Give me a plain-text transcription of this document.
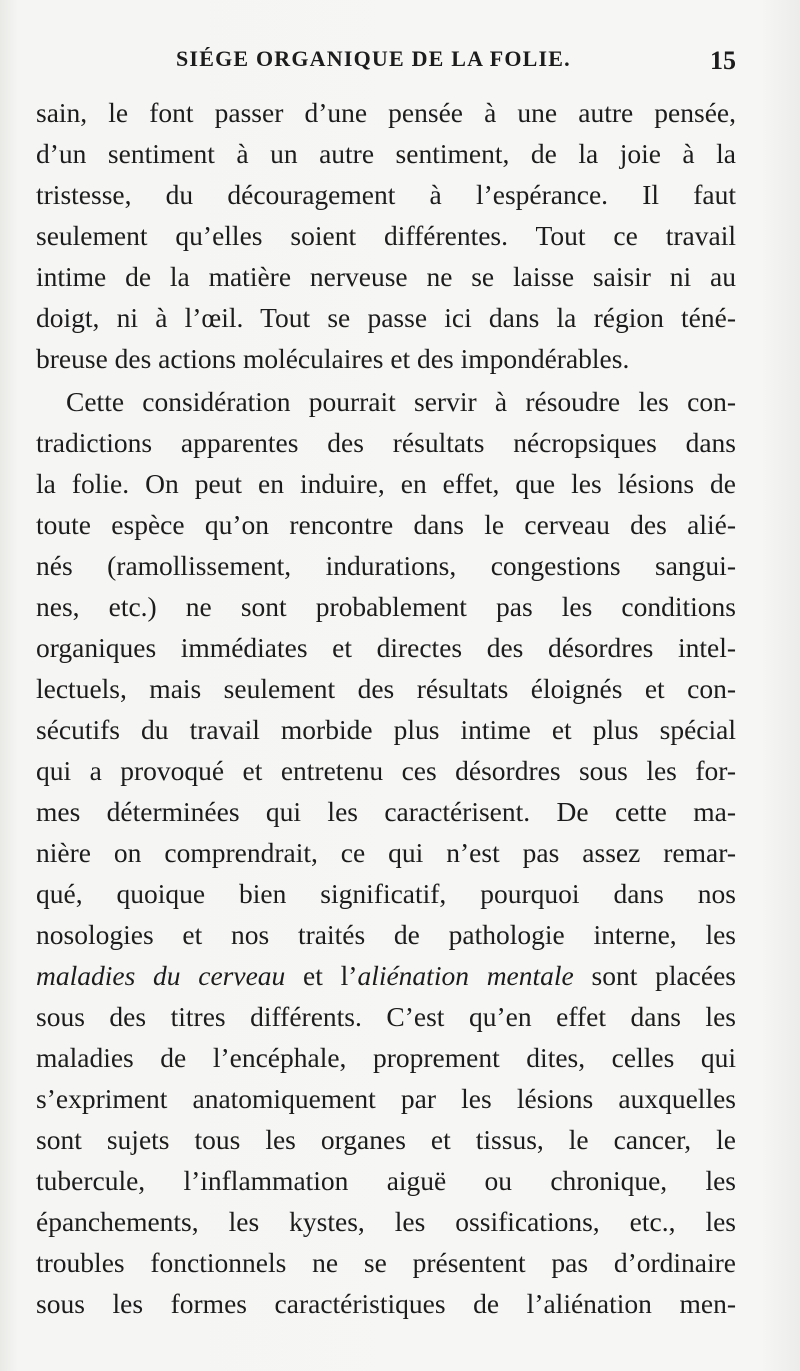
SIÉGE ORGANIQUE DE LA FOLIE.	15
sain, le font passer d’une pensée à une autre pensée,
d’un sentiment à un autre sentiment, de la joie à la
tristesse, du découragement à l’espérance. Il faut
seulement qu’elles soient différentes. Tout ce travail
intime de la matière nerveuse ne se laisse saisir ni au
doigt, ni à l’œil. Tout se passe ici dans la région téné-
breuse des actions moléculaires et des impondérables.
Cette considération pourrait servir à résoudre les con-
tradictions apparentes des résultats nécropsiques dans
la folie. On peut en induire, en effet, que les lésions de
toute espèce qu’on rencontre dans le cerveau des alié-
nés (ramollissement, indurations, congestions sangui-
nes, etc.) ne sont probablement pas les conditions
organiques immédiates et directes des désordres intel-
lectuels, mais seulement des résultats éloignés et con-
sécutifs du travail morbide plus intime et plus spécial
qui a provoqué et entretenu ces désordres sous les for-
mes déterminées qui les caractérisent. De cette ma-
nière on comprendrait, ce qui n’est pas assez remar-
qué, quoique bien significatif, pourquoi dans nos
nosologies et nos traités de pathologie interne, les
maladies du cerveau et l’aliénation mentale sont placées
sous des titres différents. C’est qu’en effet dans les
maladies de l’encéphale, proprement dites, celles qui
s’expriment anatomiquement par les lésions auxquelles
sont sujets tous les organes et tissus, le cancer, le
tubercule, l’inflammation aiguë ou chronique, les
épanchements, les kystes, les ossifications, etc., les
troubles fonctionnels ne se présentent pas d’ordinaire
sous les formes caractéristiques de l’aliénation men-
